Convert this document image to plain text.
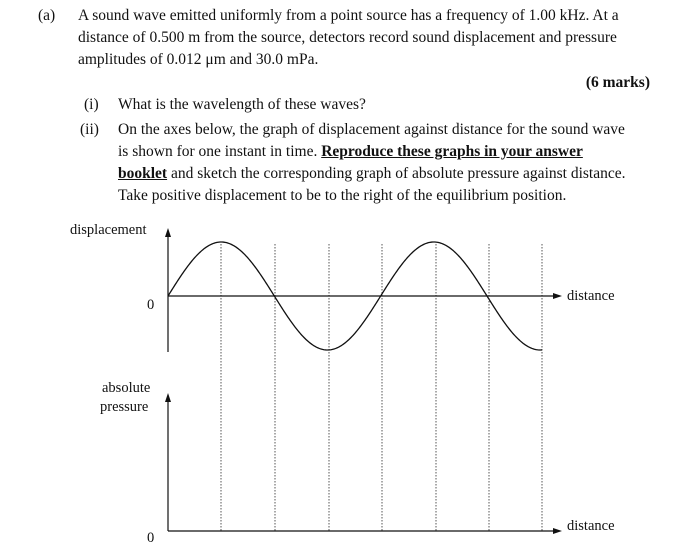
(a) A sound wave emitted uniformly from a point source has a frequency of 1.00 kHz. At a
distance of 0.500 m from the source, detectors record sound displacement and pressure
amplitudes of 0.012 μm and 30.0 mPa.
(6 marks)
(i) What is the wavelength of these waves?
(ii) On the axes below, the graph of displacement against distance for the sound wave
is shown for one instant in time. Reproduce these graphs in your answer
booklet and sketch the corresponding graph of absolute pressure against distance.
Take positive displacement to be to the right of the equilibrium position.
displacement
0
distance
absolute
pressure
0
distance
